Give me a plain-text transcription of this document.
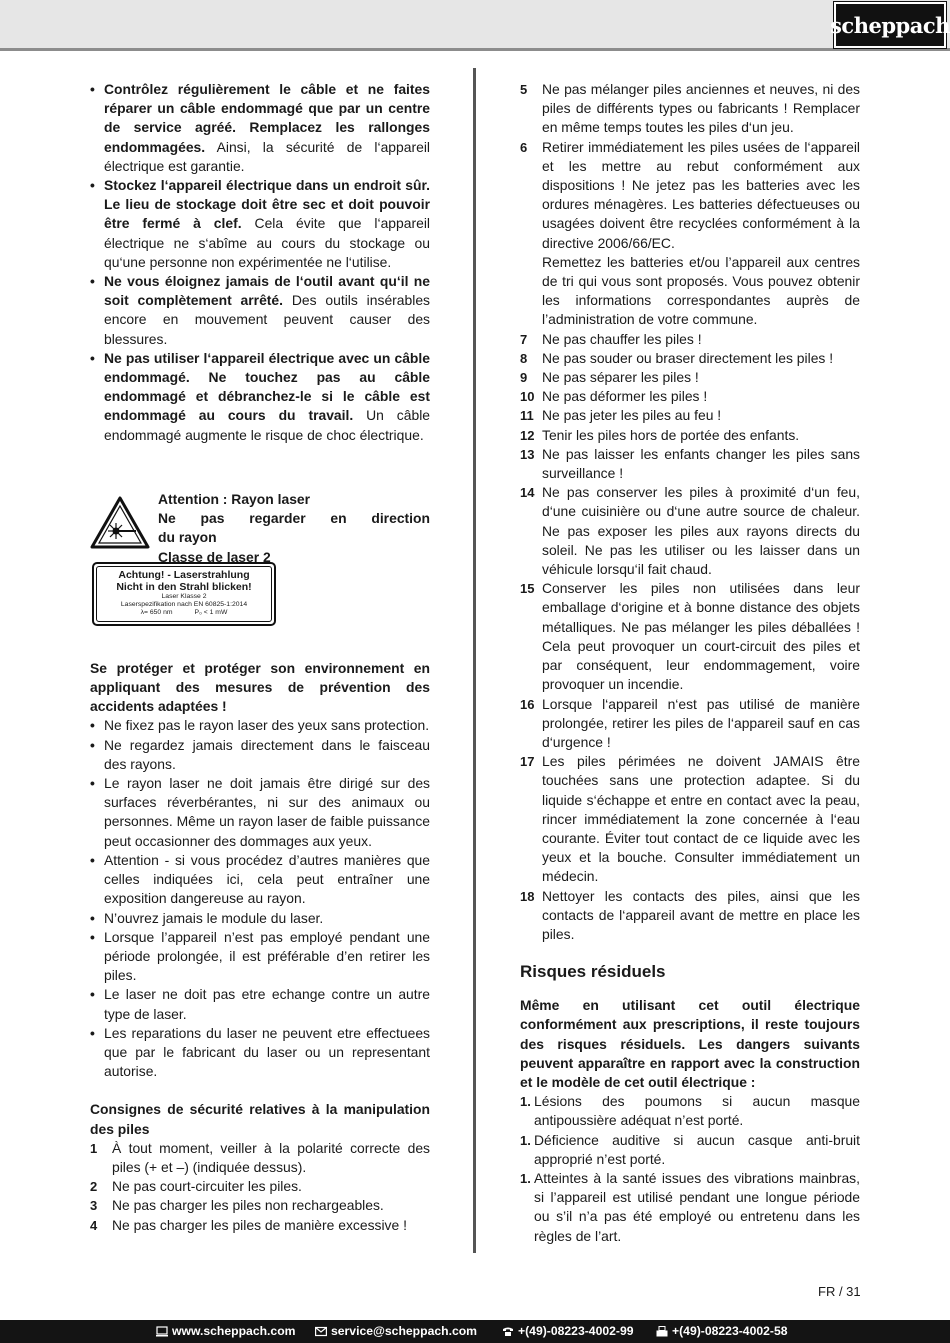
scheppach
• Contrôlez régulièrement le câble et ne faites réparer un câble endommagé que par un centre de service agréé. Remplacez les rallonges endommagées. Ainsi, la sécurité de l‘appareil électrique est garantie.
• Stockez l‘appareil électrique dans un endroit sûr. Le lieu de stockage doit être sec et doit pouvoir être fermé à clef. Cela évite que l‘appareil électrique ne s‘abîme au cours du stockage ou qu‘une personne non expérimentée ne l‘utilise.
• Ne vous éloignez jamais de l‘outil avant qu‘il ne soit complètement arrêté. Des outils insérables encore en mouvement peuvent causer des blessures.
• Ne pas utiliser l‘appareil électrique avec un câble endommagé. Ne touchez pas au câble endommagé et débranchez-le si le câble est endommagé au cours du travail. Un câble endommagé augmente le risque de choc électrique.
Attention : Rayon laser
Ne pas regarder en direction
du rayon
Classe de laser 2
Achtung! - Laserstrahlung
Nicht in den Strahl blicken!
Laser Klasse 2
Laserspezifikation nach EN 60825-1:2014
λ= 650 nm	P₀ < 1 mW

Se protéger et protéger son environnement en appliquant des mesures de prévention des accidents adaptées !

• Ne fixez pas le rayon laser des yeux sans protection.
• Ne regardez jamais directement dans le faisceau des rayons.
• Le rayon laser ne doit jamais être dirigé sur des surfaces réverbérantes, ni sur des animaux ou personnes. Même un rayon laser de faible puissance peut occasionner des dommages aux yeux.
• Attention - si vous procédez d’autres manières que celles indiquées ici, cela peut entraîner une exposition dangereuse au rayon.
• N’ouvrez jamais le module du laser.
• Lorsque l’appareil n’est pas employé pendant une période prolongée, il est préférable d’en retirer les piles.
• Le laser ne doit pas etre echange contre un autre type de laser.
• Les reparations du laser ne peuvent etre effectuees que par le fabricant du laser ou un representant autorise.

Consignes de sécurité relatives à la manipulation des piles

1	À tout moment, veiller à la polarité correcte des piles (+ et –) (indiquée dessus).
2	Ne pas court-circuiter les piles.
3	Ne pas charger les piles non rechargeables.
4	Ne pas charger les piles de manière excessive !
5	Ne pas mélanger piles anciennes et neuves, ni des piles de différents types ou fabricants ! Remplacer en même temps toutes les piles d‘un jeu.
6	Retirer immédiatement les piles usées de l‘appareil et les mettre au rebut conformément aux dispositions ! Ne jetez pas les batteries avec les ordures ménagères. Les batteries défectueuses ou usagées doivent être recyclées conformément à la directive 2006/66/EC.
Remettez les batteries et/ou l’appareil aux centres de tri qui vous sont proposés. Vous pouvez obtenir les informations correspondantes auprès de l’administration de votre commune.
7	Ne pas chauffer les piles !
8	Ne pas souder ou braser directement les piles !
9	Ne pas séparer les piles !
10 Ne pas déformer les piles !
11 Ne pas jeter les piles au feu !
12 Tenir les piles hors de portée des enfants.
13 Ne pas laisser les enfants changer les piles sans surveillance !
14 Ne pas conserver les piles à proximité d‘un feu, d‘une cuisinière ou d‘une autre source de chaleur. Ne pas exposer les piles aux rayons directs du soleil. Ne pas les utiliser ou les laisser dans un véhicule lorsqu‘il fait chaud.
15 Conserver les piles non utilisées dans leur emballage d‘origine et à bonne distance des objets métalliques. Ne pas mélanger les piles déballées ! Cela peut provoquer un court-circuit des piles et par conséquent, leur endommagement, voire provoquer un incendie.
16 Lorsque l‘appareil n‘est pas utilisé de manière prolongée, retirer les piles de l‘appareil sauf en cas d‘urgence !
17 Les piles périmées ne doivent JAMAIS être touchées sans une protection adaptee. Si du liquide s‘échappe et entre en contact avec la peau, rincer immédiatement la zone concernée à l‘eau courante. Éviter tout contact de ce liquide avec les yeux et la bouche. Consulter immédiatement un médecin.
18 Nettoyer les contacts des piles, ainsi que les contacts de l‘appareil avant de mettre en place les piles.
Risques résiduels

Même en utilisant cet outil électrique conformément aux prescriptions, il reste toujours des risques résiduels. Les dangers suivants peuvent apparaître en rapport avec la construction et le modèle de cet outil électrique :

1. Lésions des poumons si aucun masque antipoussière adéquat n’est porté.
1. Déficience auditive si aucun casque anti-bruit approprié n’est porté.
1. Atteintes à la santé issues des vibrations mainbras, si l’appareil est utilisé pendant une longue période ou s’il n’a pas été employé ou entretenu dans les règles de l’art.
FR / 31
www.scheppach.com	service@scheppach.com	+(49)-08223-4002-99	+(49)-08223-4002-58
